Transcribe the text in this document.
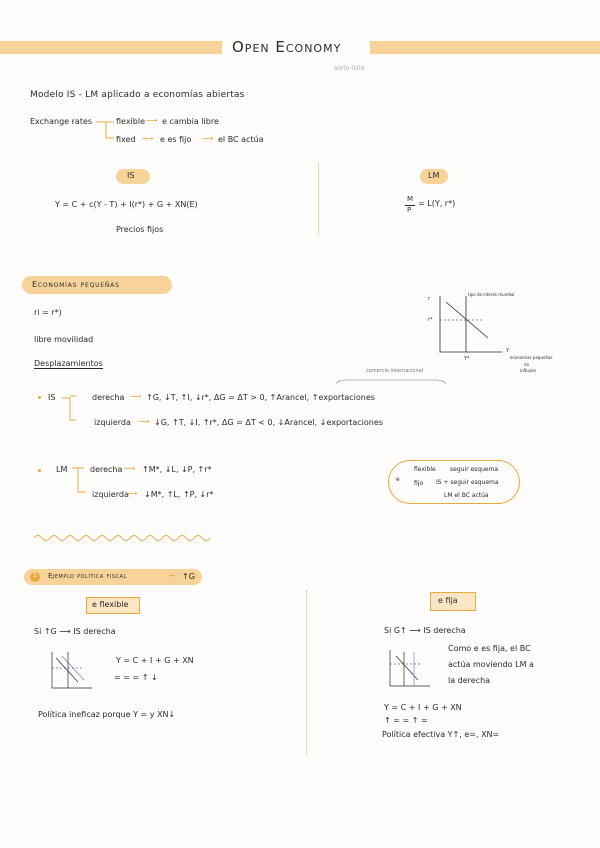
Open Economy
sorto ñiño
Modelo IS - LM aplicado a economías abiertas
Exchange rates	flexible ⟶ e cambia libre
fixed ⟶ e es fijo ⟶ el BC actúa
IS
Y = C + c(Y - T) + I(r*) + G + XN(E)
Precios fijos
LM
M
P
= L(Y, r*)
Economías pequeñas
ri = r*)
libre movilidad
Desplazamientos
r
tipo de interés mundial
r*
Y*
Y
economías pequeñas
no
influyen
comercio internacional
IS	derecha ⟶ ↑G, ↓T, ↑I, ↓r*, ΔG = ΔT > 0, ↑Arancel, ↑exportaciones
izquierda ⟶ ↓G, ↑T, ↓I, ↑r*, ΔG = ΔT < 0, ↓Arancel, ↓exportaciones
LM	derecha ⟶ ↑M*, ↓L, ↓P, ↑r*
izquierda
⟶ ↓M*, ↑L, ↑P, ↓r*
e
flexible seguir esquema
fijo IS + seguir esquema
LM el BC actúa
1 Ejemplo política fiscal	→ ↑G
e flexible
Si ↑G ⟶ IS derecha
Y = C + I + G + XN
= = = ↑ ↓
Política ineficaz porque Y = y XN↓
e fija
Si G↑ ⟶ IS derecha
Como e es fija, el BC
actúa moviendo LM a
la derecha
Y = C + I + G + XN
↑ = = ↑ =
Política efectiva Y↑, e=, XN=
